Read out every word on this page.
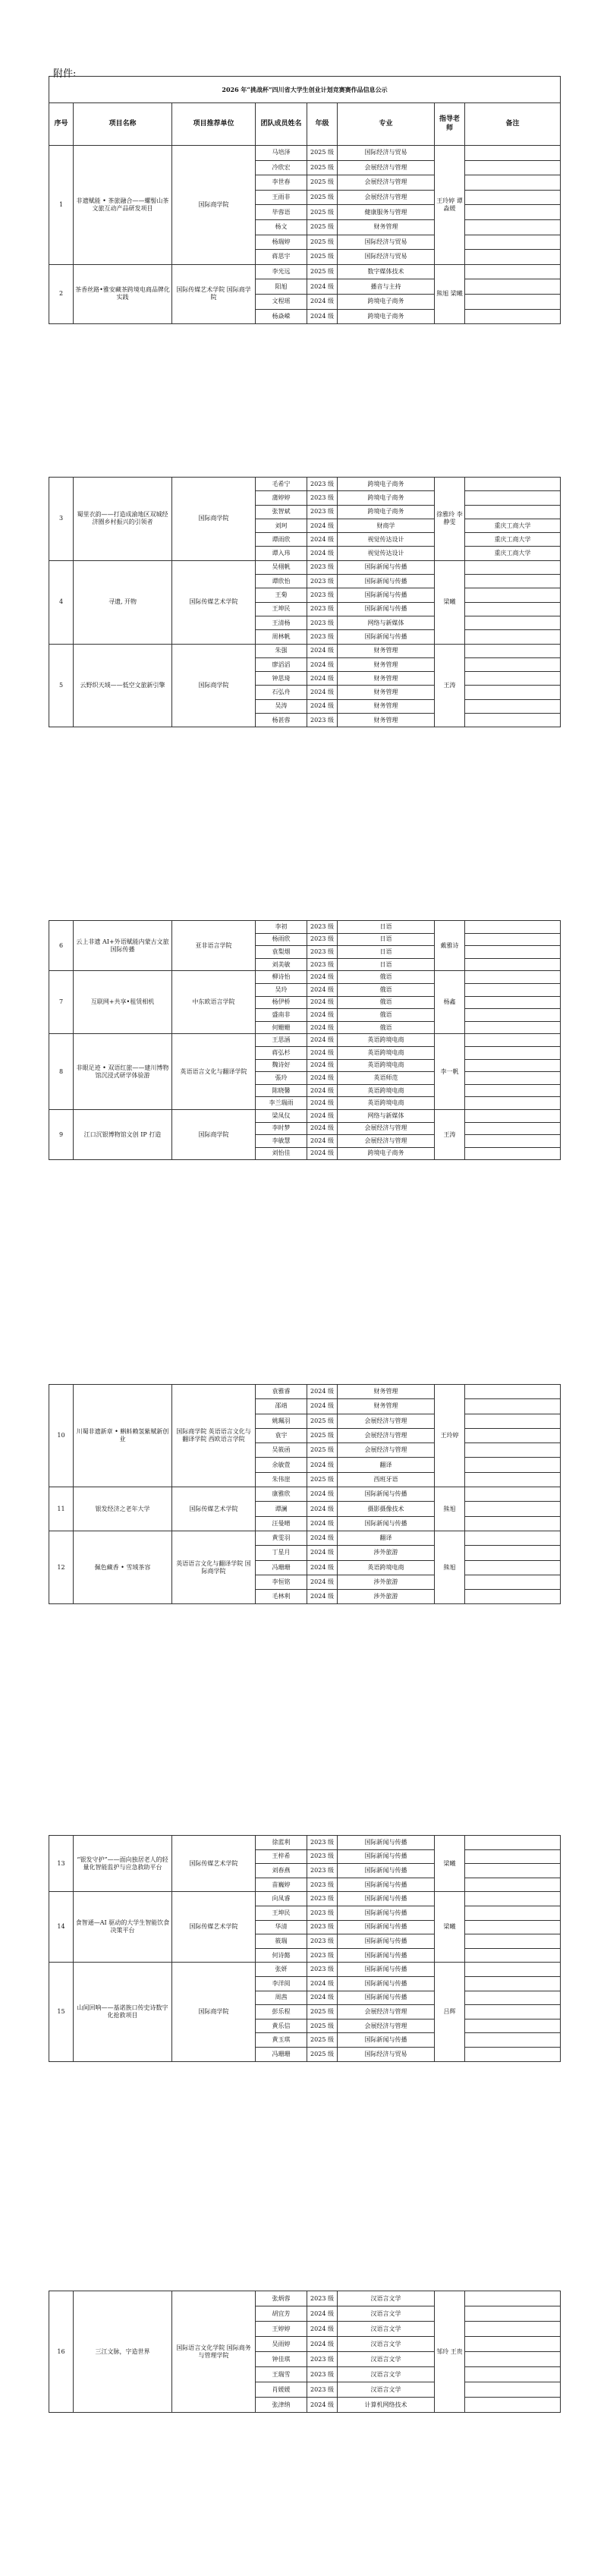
附件:
2026 年“挑战杯”四川省大学生创业计划竞赛赛作品信息公示							
序号	项目名称	项目推荐单位	团队成员姓名	年级	专业	指导老师	备注
1	非遗赋能 • 茶旅融合——螺髻山茶文旅互动产品研发项目	国际商学院	马培泽	2025 级	国际经济与贸易	王玲婷 谭淼媛	
			冷欣宏	2025 级	会展经济与管理		
			李世春	2025 级	会展经济与管理		
			王雨非	2025 级	会展经济与管理		
			毕蓉语	2025 级	健康服务与管理		
			杨文	2025 级	财务管理		
			杨瑞婷	2025 级	国际经济与贸易		
			蒋思宇	2025 级	国际经济与贸易		
2	茶香丝路•雅安藏茶跨境电商品牌化实践	国际传媒艺术学院 国际商学院	李光远	2025 级	数字媒体技术	熊旭 梁曦	
			阳旭	2024 级	播音与主持		
			文程瑶	2024 级	跨境电子商务		
			杨焱嵘	2024 级	跨境电子商务		
3	蜀里衣韵——打造成渝地区双城经济圈乡村振兴的引领者	国际商学院	毛希宁	2023 级	跨境电子商务	徐雅玲 李静雯	
			蒲婷婷	2023 级	跨境电子商务		
			张智斌	2023 级	跨境电子商务		
			刘珂	2024 级	财商学		重庆工商大学
			谭雨欣	2024 级	视觉传达设计		重庆工商大学
			谭入玮	2024 级	视觉传达设计		重庆工商大学
4	寻遗, 开物	国际传媒艺术学院	吴栩帆	2023 级	国际新闻与传播	梁曦	
			谭欣怡	2023 级	国际新闻与传播		
			王菊	2023 级	国际新闻与传播		
			王坤民	2023 级	国际新闻与传播		
			王清杨	2023 级	网络与新媒体		
			周林帆	2023 级	国际新闻与传播		
5	云野织天域——低空文旅新引擎	国际商学院	朱强	2024 级	财务管理	王涛	
			廖滔滔	2024 级	财务管理		
			钟思琦	2024 级	财务管理		
			石弘舟	2024 级	财务管理		
			吴涛	2024 级	财务管理		
			杨甚蓉	2023 级	财务管理		
6	云上非遗 AI+外语赋能内蒙古文旅国际传播	亚非语言学院	李初	2023 级	日语	戴雅诗	
			杨雨欣	2023 级	日语		
			袁梨烟	2023 级	日语		
			刘美敏	2023 级	日语		
7	互联网+共享•租赁相机	中东欧语言学院	柳诗怡	2024 级	俄语	杨鑫	
			吴玲	2024 级	俄语		
			杨伊桥	2024 级	俄语		
			盛南非	2024 级	俄语		
			何姗姗	2024 级	俄语		
8	非眼足迹 • 双语红旅——建川博物馆沉浸式研学体验游	英语语言文化与翻译学院	王思涵	2024 级	英语跨境电商	李一帆	
			蒋弘杉	2024 级	英语跨境电商		
			魏诗好	2024 级	英语跨境电商		
			張玲	2024 级	英语师范		
			陈晓馨	2024 级	英语跨境电商		
			李兰瑞雨	2024 级	英语跨境电商		
9	江口沉银博物馆文创 IP 打造	国际商学院	梁凤仪	2024 级	网络与新媒体	王涛	
			李时梦	2024 级	会展经济与管理		
			李敏慧	2024 级	会展经济与管理		
			刘怡佳	2024 级	跨境电子商务		
10	川蜀非遗新章 • 蝌蚪赖氢紫赋新创业	国际商学院 英语语言文化与翻译学院 西欧语言学院	袁雅睿	2024 级	财务管理	王玲婷	
			邵靖	2024 级	财务管理		
			姚珮羽	2025 级	会展经济与管理		
			袁宇	2025 级	会展经济与管理		
			吴筱函	2025 级	会展经济与管理		
			余敏萱	2024 级	翻译		
			朱伟崖	2025 级	西班牙语		
11	银发经济之老年大学	国际传媒艺术学院	康雅欣	2024 级	国际新闻与传播	熊旭	
			谭澜	2024 级	摄影摄像技术		
			汪曼晴	2024 级	国际新闻与传播		
12	佩色藏香 • 雪域茶容	英语语言文化与翻译学院 国际商学院	黄雯羽	2024 级	翻译	熊旭	
			丁星月	2024 级	涉外旅游		
			冯珊珊	2024 级	英语跨境电商		
			李恒铭	2024 级	涉外旅游		
			毛林利	2024 级	涉外旅游		
13	“银发守护”——面向独居老人的轻量化智能监护与应急救助平台	国际传媒艺术学院	徐蓝利	2023 级	国际新闻与传播	梁曦	
			王梓希	2023 级	国际新闻与传播		
			刘春燕	2023 级	国际新闻与传播		
			苗巍婷	2023 级	国际新闻与传播		
14	食智通—AI 驱动的大学生智能饮食决策平台	国际传媒艺术学院	向凤睿	2023 级	国际新闻与传播	梁曦	
			王坤民	2023 级	国际新闻与传播		
			华清	2023 级	国际新闻与传播		
			筱瑞	2023 级	国际新闻与传播		
			何诗懿	2023 级	国际新闻与传播		
15	山间回响——基诺族口传史诗数字化抢救项目	国际商学院	张妍	2023 级	国际新闻与传播	吕辉	
			李洋阅	2024 级	国际新闻与传播		
			周茜	2024 级	国际新闻与传播		
			彭乐程	2025 级	会展经济与管理		
			黄乐信	2025 级	会展经济与管理		
			黄玉琪	2025 级	国际新闻与传播		
			冯珊珊	2025 级	国际经济与贸易		
16	三江文脉，字造世界	国际语言文化学院 国际商务与管理学院	张炳蓉	2023 级	汉语言文学	邹玲 王贵	
			胡宜芳	2024 级	汉语言文学		
			王婷婷	2024 级	汉语言文学		
			吴雨婷	2024 级	汉语言文学		
			钟佳琪	2023 级	汉语言文学		
			王瑞雪	2023 级	汉语言文学		
			肖媛媛	2023 级	汉语言文学		
			张津纳	2024 级	计算机网络技术		
